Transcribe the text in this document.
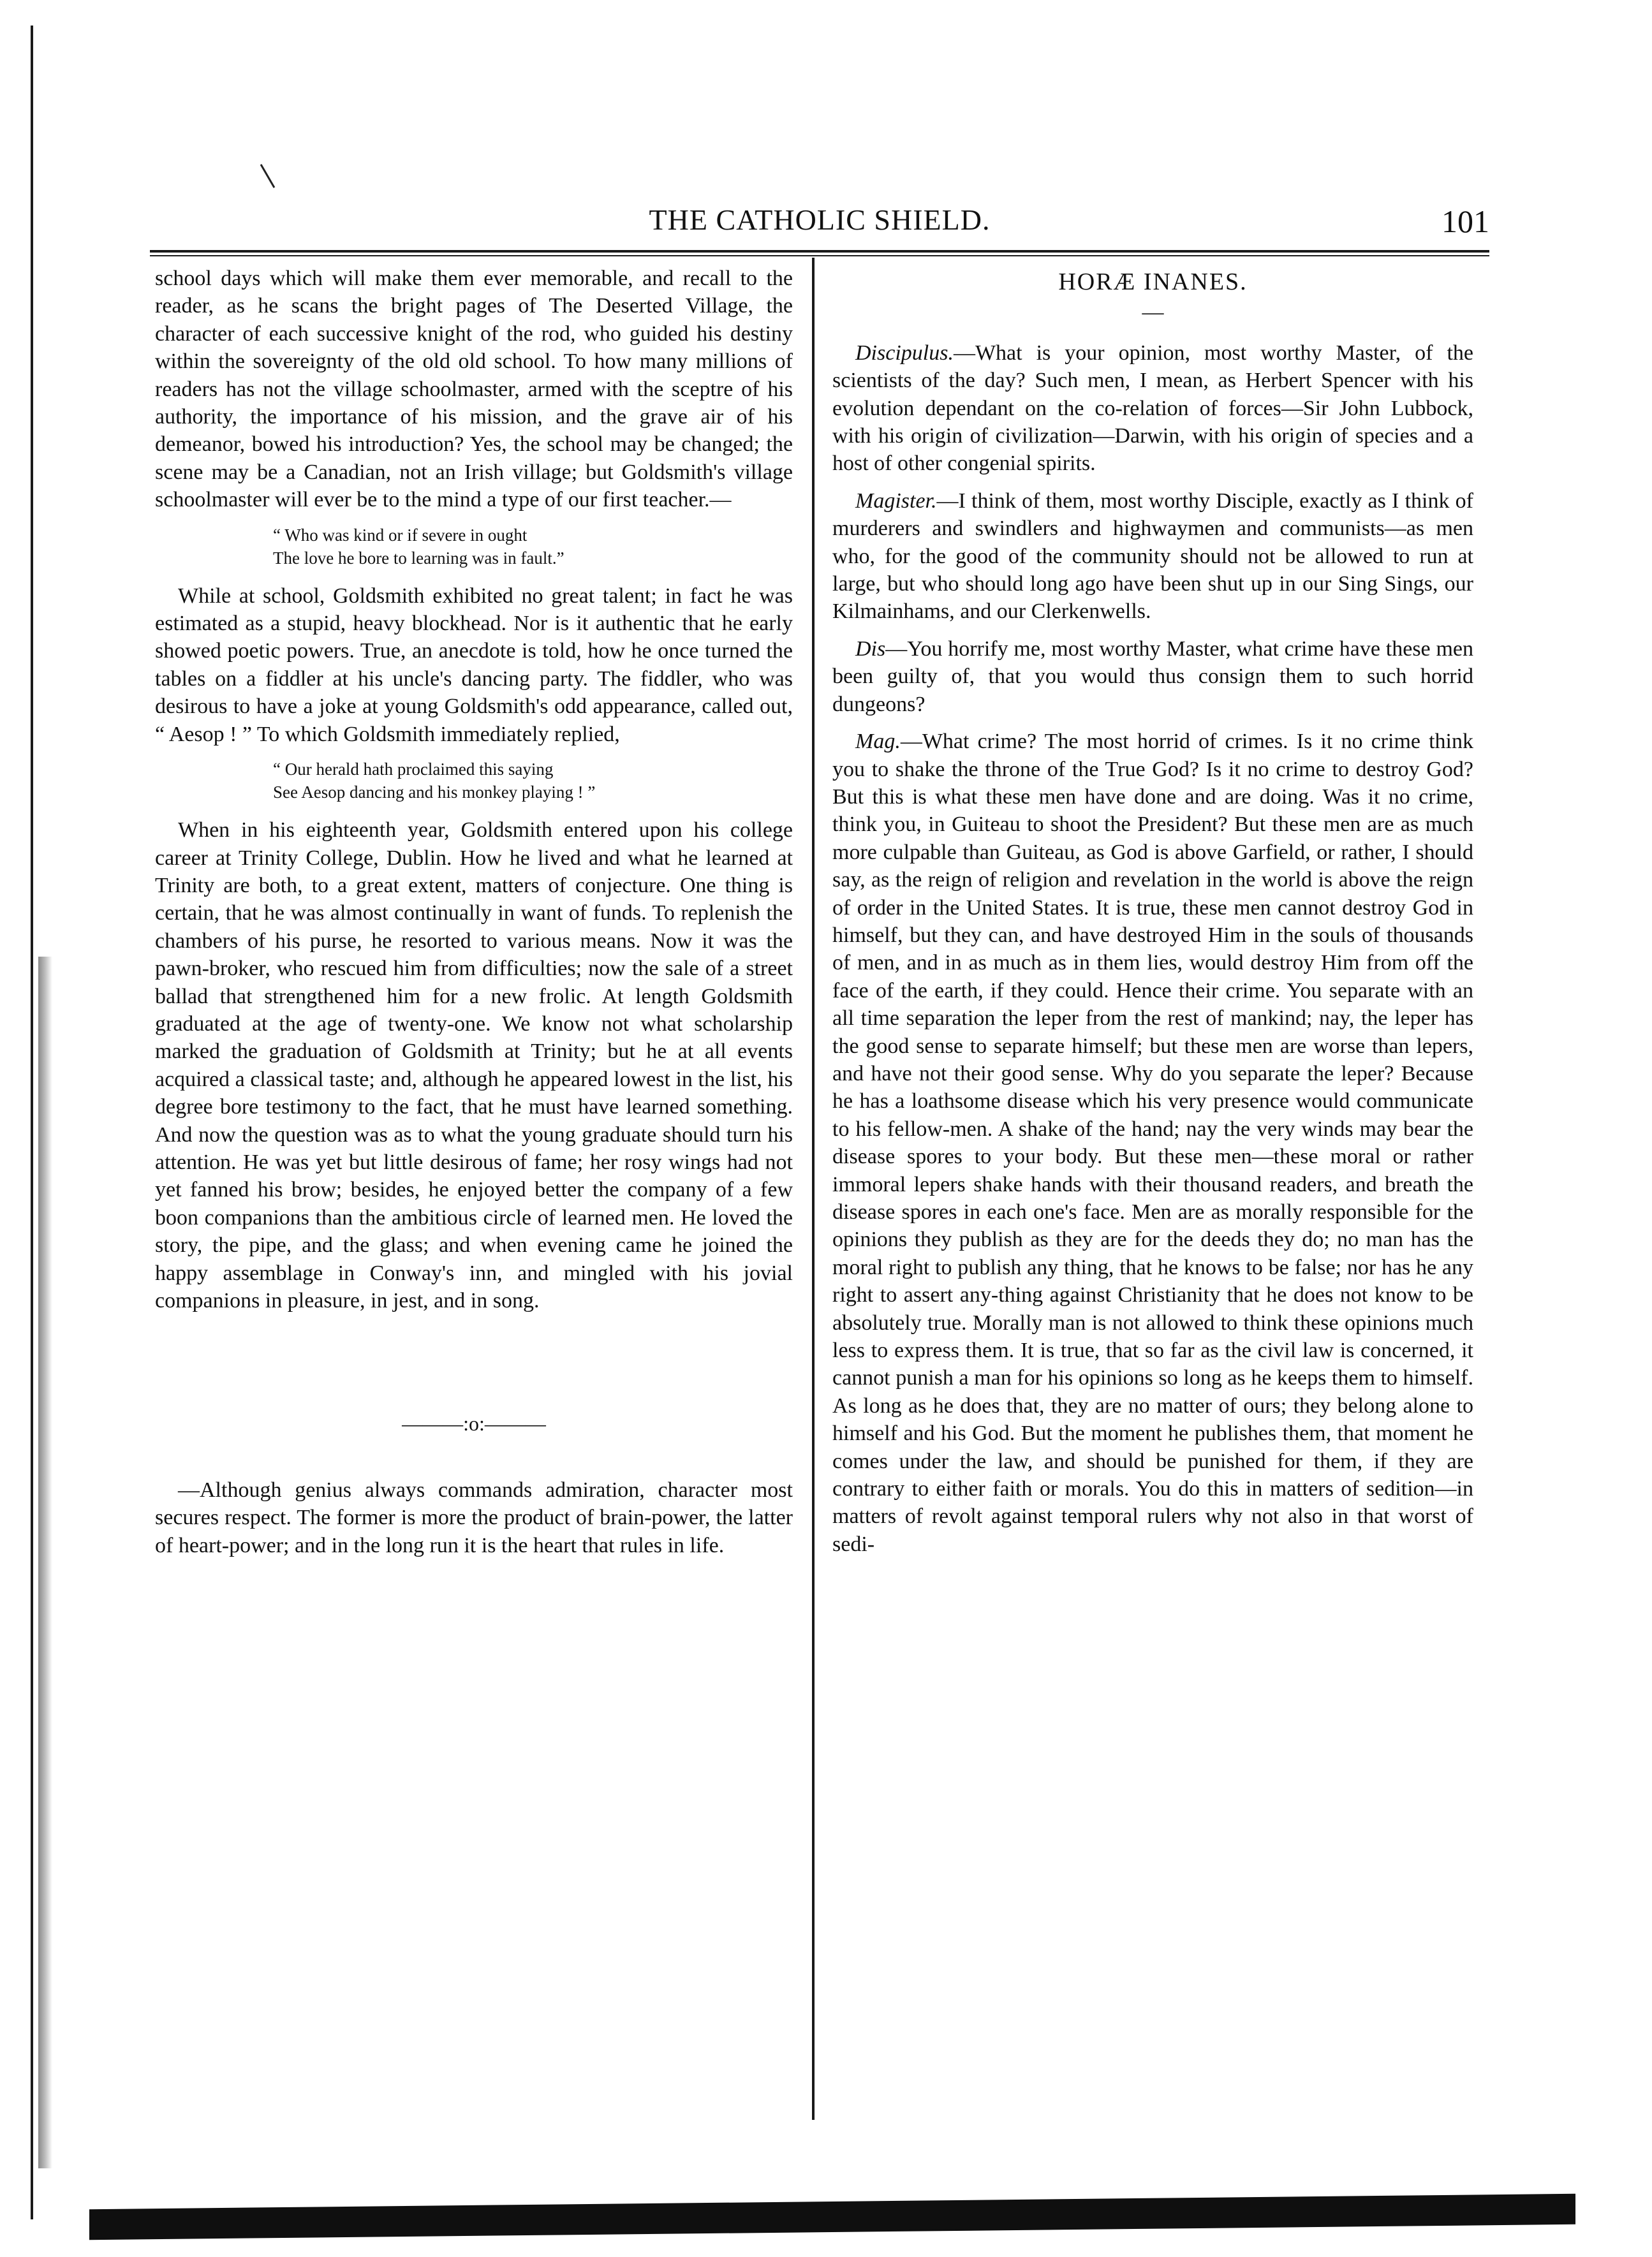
THE CATHOLIC SHIELD.	101

school days which will make them ever memorable, and recall to the reader, as he scans the bright pages of The Deserted Village, the character of each successive knight of the rod, who guided his destiny within the sovereignty of the old old school. To how many millions of readers has not the village schoolmaster, armed with the sceptre of his authority, the importance of his mission, and the grave air of his demeanor, bowed his introduction? Yes, the school may be changed; the scene may be a Canadian, not an Irish village; but Goldsmith's village schoolmaster will ever be to the mind a type of our first teacher.—

“ Who was kind or if severe in ought
The love he bore to learning was in fault.”

While at school, Goldsmith exhibited no great talent; in fact he was estimated as a stupid, heavy blockhead. Nor is it authentic that he early showed poetic powers. True, an anecdote is told, how he once turned the tables on a fiddler at his uncle's dancing party. The fiddler, who was desirous to have a joke at young Goldsmith's odd appearance, called out, “ Aesop ! ” To which Goldsmith immediately replied,

“ Our herald hath proclaimed this saying
See Aesop dancing and his monkey playing ! ”

When in his eighteenth year, Goldsmith entered upon his college career at Trinity College, Dublin. How he lived and what he learned at Trinity are both, to a great extent, matters of conjecture. One thing is certain, that he was almost continually in want of funds. To replenish the chambers of his purse, he resorted to various means. Now it was the pawn-broker, who rescued him from difficulties; now the sale of a street ballad that strengthened him for a new frolic. At length Goldsmith graduated at the age of twenty-one. We know not what scholarship marked the graduation of Goldsmith at Trinity; but he at all events acquired a classical taste; and, although he appeared lowest in the list, his degree bore testimony to the fact, that he must have learned something. And now the question was as to what the young graduate should turn his attention. He was yet but little desirous of fame; her rosy wings had not yet fanned his brow; besides, he enjoyed better the company of a few boon companions than the ambitious circle of learned men. He loved the story, the pipe, and the glass; and when evening came he joined the happy assemblage in Conway's inn, and mingled with his jovial companions in pleasure, in jest, and in song.

———:o:———

—Although genius always commands admiration, character most secures respect. The former is more the product of brain-power, the latter of heart-power; and in the long run it is the heart that rules in life.

HORÆ INANES.
—

Discipulus.—What is your opinion, most worthy Master, of the scientists of the day? Such men, I mean, as Herbert Spencer with his evolution dependant on the co-relation of forces—Sir John Lubbock, with his origin of civilization—Darwin, with his origin of species and a host of other congenial spirits.

Magister.—I think of them, most worthy Disciple, exactly as I think of murderers and swindlers and highwaymen and communists—as men who, for the good of the community should not be allowed to run at large, but who should long ago have been shut up in our Sing Sings, our Kilmainhams, and our Clerkenwells.

Dis—You horrify me, most worthy Master, what crime have these men been guilty of, that you would thus consign them to such horrid dungeons?

Mag.—What crime? The most horrid of crimes. Is it no crime think you to shake the throne of the True God? Is it no crime to destroy God? But this is what these men have done and are doing. Was it no crime, think you, in Guiteau to shoot the President? But these men are as much more culpable than Guiteau, as God is above Garfield, or rather, I should say, as the reign of religion and revelation in the world is above the reign of order in the United States. It is true, these men cannot destroy God in himself, but they can, and have destroyed Him in the souls of thousands of men, and in as much as in them lies, would destroy Him from off the face of the earth, if they could. Hence their crime. You separate with an all time separation the leper from the rest of mankind; nay, the leper has the good sense to separate himself; but these men are worse than lepers, and have not their good sense. Why do you separate the leper? Because he has a loathsome disease which his very presence would communicate to his fellow-men. A shake of the hand; nay the very winds may bear the disease spores to your body. But these men—these moral or rather immoral lepers shake hands with their thousand readers, and breath the disease spores in each one's face. Men are as morally responsible for the opinions they publish as they are for the deeds they do; no man has the moral right to publish any thing, that he knows to be false; nor has he any right to assert any-thing against Christianity that he does not know to be absolutely true. Morally man is not allowed to think these opinions much less to express them. It is true, that so far as the civil law is concerned, it cannot punish a man for his opinions so long as he keeps them to himself. As long as he does that, they are no matter of ours; they belong alone to himself and his God. But the moment he publishes them, that moment he comes under the law, and should be punished for them, if they are contrary to either faith or morals. You do this in matters of sedition—in matters of revolt against temporal rulers why not also in that worst of sedi-
